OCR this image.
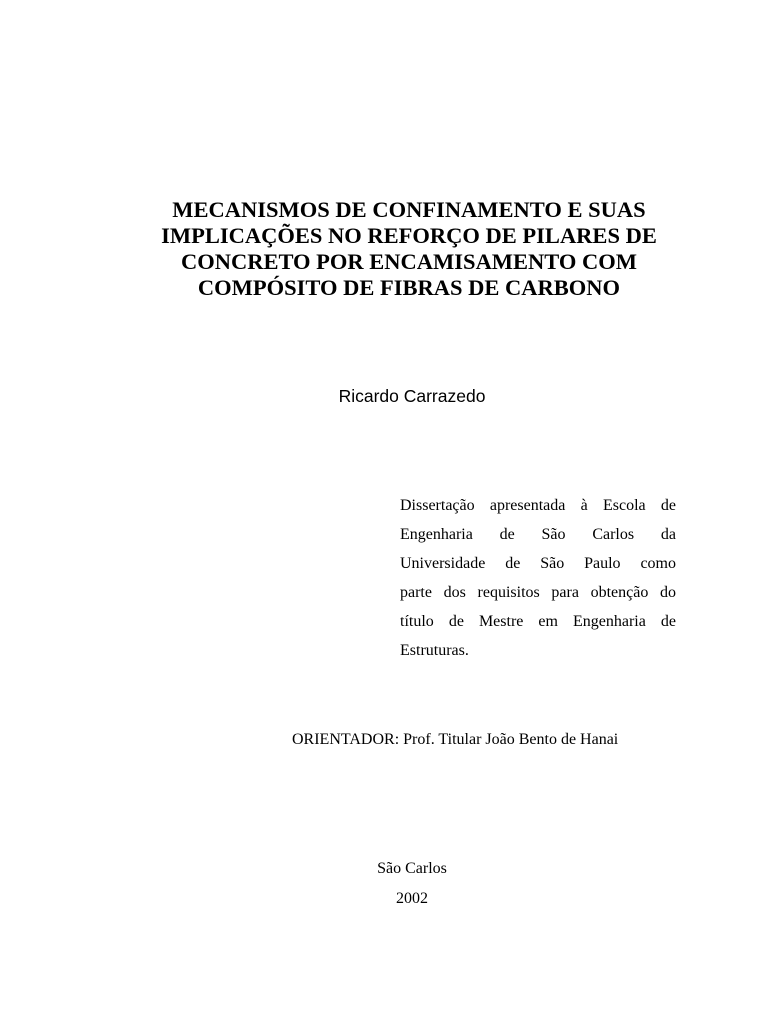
MECANISMOS DE CONFINAMENTO E SUAS
IMPLICAÇÕES NO REFORÇO DE PILARES DE
CONCRETO POR ENCAMISAMENTO COM
COMPÓSITO DE FIBRAS DE CARBONO
Ricardo Carrazedo
Dissertação apresentada à Escola de
Engenharia de São Carlos da
Universidade de São Paulo como
parte dos requisitos para obtenção do
título de Mestre em Engenharia de
Estruturas.
ORIENTADOR: Prof. Titular João Bento de Hanai
São Carlos
2002
